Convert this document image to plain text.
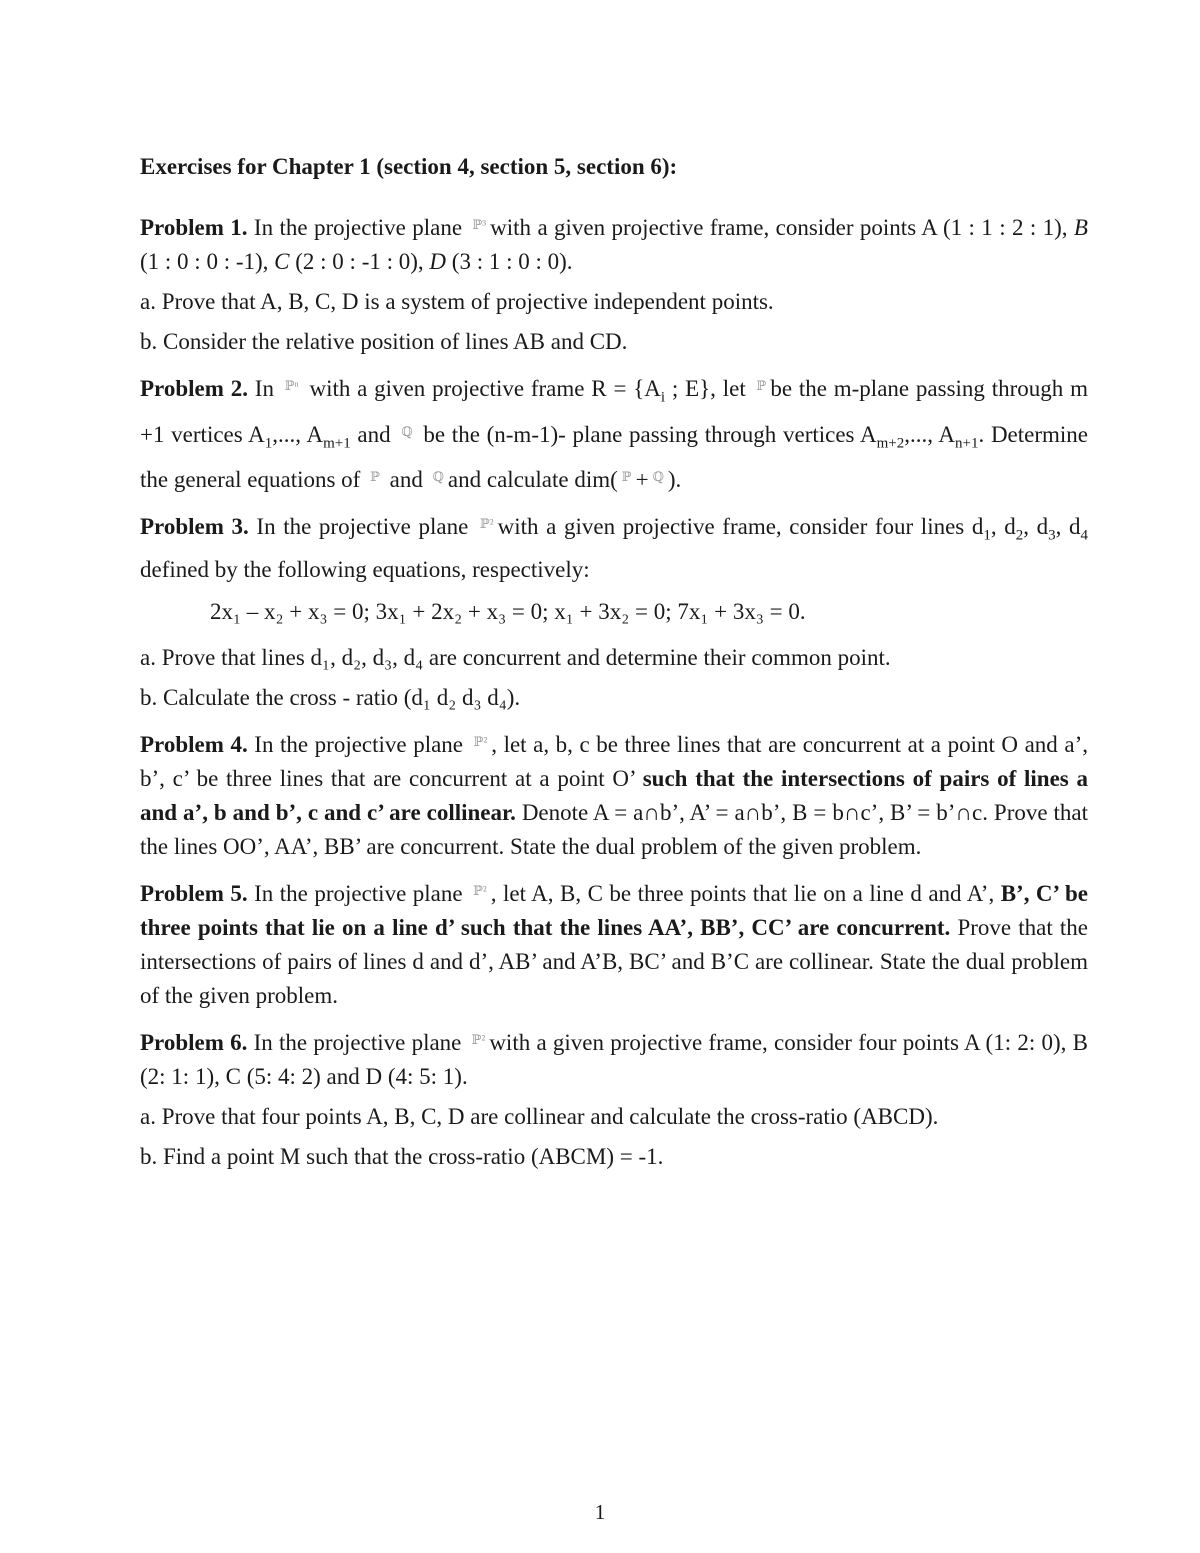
Exercises for Chapter 1 (section 4, section 5, section 6):
Problem 1. In the projective plane ℙ³ with a given projective frame, consider points A (1 : 1 : 2 : 1), B (1 : 0 : 0 : -1), C (2 : 0 : -1 : 0), D (3 : 1 : 0 : 0).
a. Prove that A, B, C, D is a system of projective independent points.
b. Consider the relative position of lines AB and CD.
Problem 2. In ℙⁿ with a given projective frame $R = \{A_i$ ; E}, let ℙ be the m-plane passing through m +1 vertices $A_1$,..., $A_{m+1}$ and ℚ be the (n-m-1)- plane passing through vertices $A_{m+2}$,..., $A_{n+1}$. Determine the general equations of ℙ and ℚ and calculate dim( ℙ + ℚ ).
Problem 3. In the projective plane ℙ² with a given projective frame, consider four lines $d_1$, $d_2$, $d_3$, $d_4$ defined by the following equations, respectively:
2x₁ – x₂ + x₃ = 0; 3x₁ + 2x₂ + x₃ = 0; x₁ + 3x₂ = 0; 7x₁ + 3x₃ = 0.
a. Prove that lines d₁, d₂, d₃, d₄ are concurrent and determine their common point.
b. Calculate the cross - ratio (d₁ d₂ d₃ d₄).
Problem 4. In the projective plane ℙ² , let a, b, c be three lines that are concurrent at a point O and a’, b’, c’ be three lines that are concurrent at a point O’ such that the intersections of pairs of lines a and a’, b and b’, c and c’ are collinear. Denote A = a∩b’, A’ = a∩b’, B = b∩c’, B’ = b’∩c. Prove that the lines OO’, AA’, BB’ are concurrent. State the dual problem of the given problem.
Problem 5. In the projective plane ℙ² , let A, B, C be three points that lie on a line d and A’, B’, C’ be three points that lie on a line d’ such that the lines AA’, BB’, CC’ are concurrent. Prove that the intersections of pairs of lines d and d’, AB’ and A’B, BC’ and B’C are collinear. State the dual problem of the given problem.
Problem 6. In the projective plane ℙ² with a given projective frame, consider four points A (1: 2: 0), B (2: 1: 1), C (5: 4: 2) and D (4: 5: 1).
a. Prove that four points A, B, C, D are collinear and calculate the cross-ratio (ABCD).
b. Find a point M such that the cross-ratio (ABCM) = -1.
1
